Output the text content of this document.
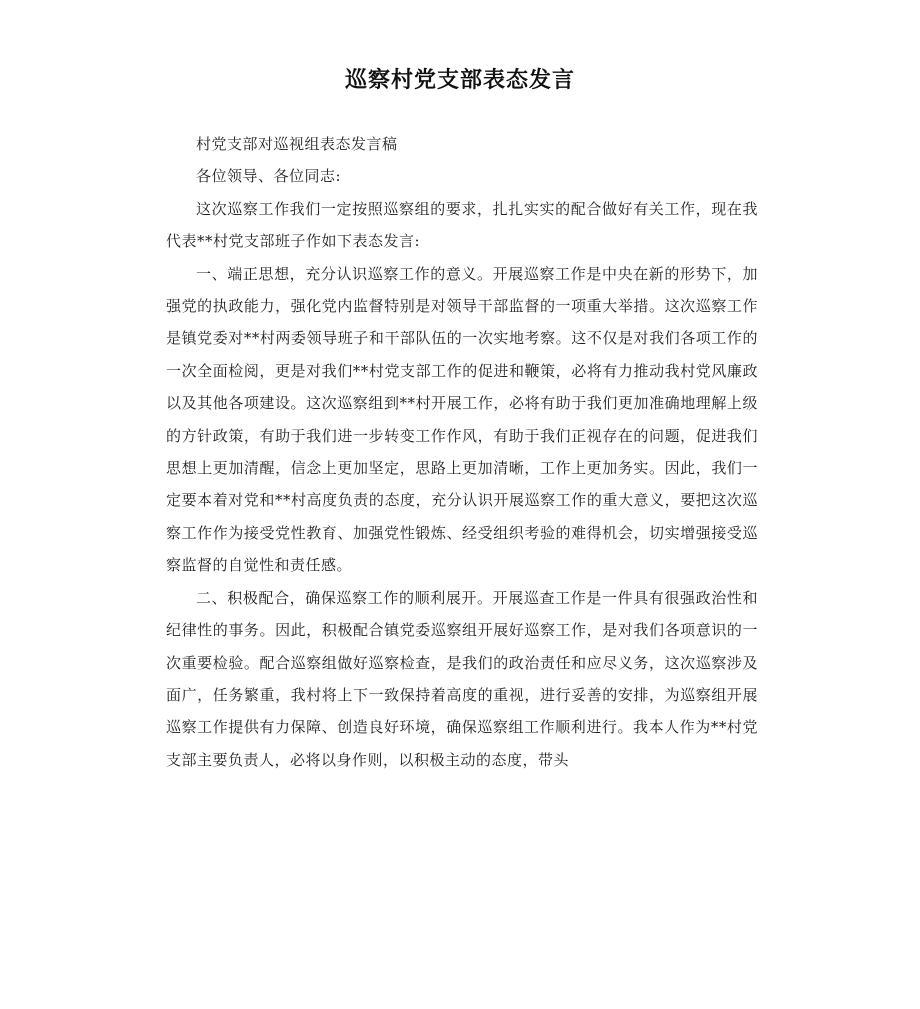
巡察村党支部表态发言

村党支部对巡视组表态发言稿

各位领导、各位同志:

这次巡察工作我们一定按照巡察组的要求，扎扎实实的配合做好有关工作，现在我代表**村党支部班子作如下表态发言:

一、端正思想，充分认识巡察工作的意义。开展巡察工作是中央在新的形势下，加强党的执政能力，强化党内监督特别是对领导干部监督的一项重大举措。这次巡察工作是镇党委对**村两委领导班子和干部队伍的一次实地考察。这不仅是对我们各项工作的一次全面检阅，更是对我们**村党支部工作的促进和鞭策，必将有力推动我村党风廉政以及其他各项建设。这次巡察组到**村开展工作，必将有助于我们更加准确地理解上级的方针政策，有助于我们进一步转变工作作风，有助于我们正视存在的问题，促进我们思想上更加清醒，信念上更加坚定，思路上更加清晰，工作上更加务实。因此，我们一定要本着对党和**村高度负责的态度，充分认识开展巡察工作的重大意义，要把这次巡察工作作为接受党性教育、加强党性锻炼、经受组织考验的难得机会，切实增强接受巡察监督的自觉性和责任感。

二、积极配合，确保巡察工作的顺利展开。开展巡查工作是一件具有很强政治性和纪律性的事务。因此，积极配合镇党委巡察组开展好巡察工作，是对我们各项意识的一次重要检验。配合巡察组做好巡察检查，是我们的政治责任和应尽义务，这次巡察涉及面广，任务繁重，我村将上下一致保持着高度的重视，进行妥善的安排，为巡察组开展巡察工作提供有力保障、创造良好环境，确保巡察组工作顺利进行。我本人作为**村党支部主要负责人，必将以身作则，以积极主动的态度，带头
